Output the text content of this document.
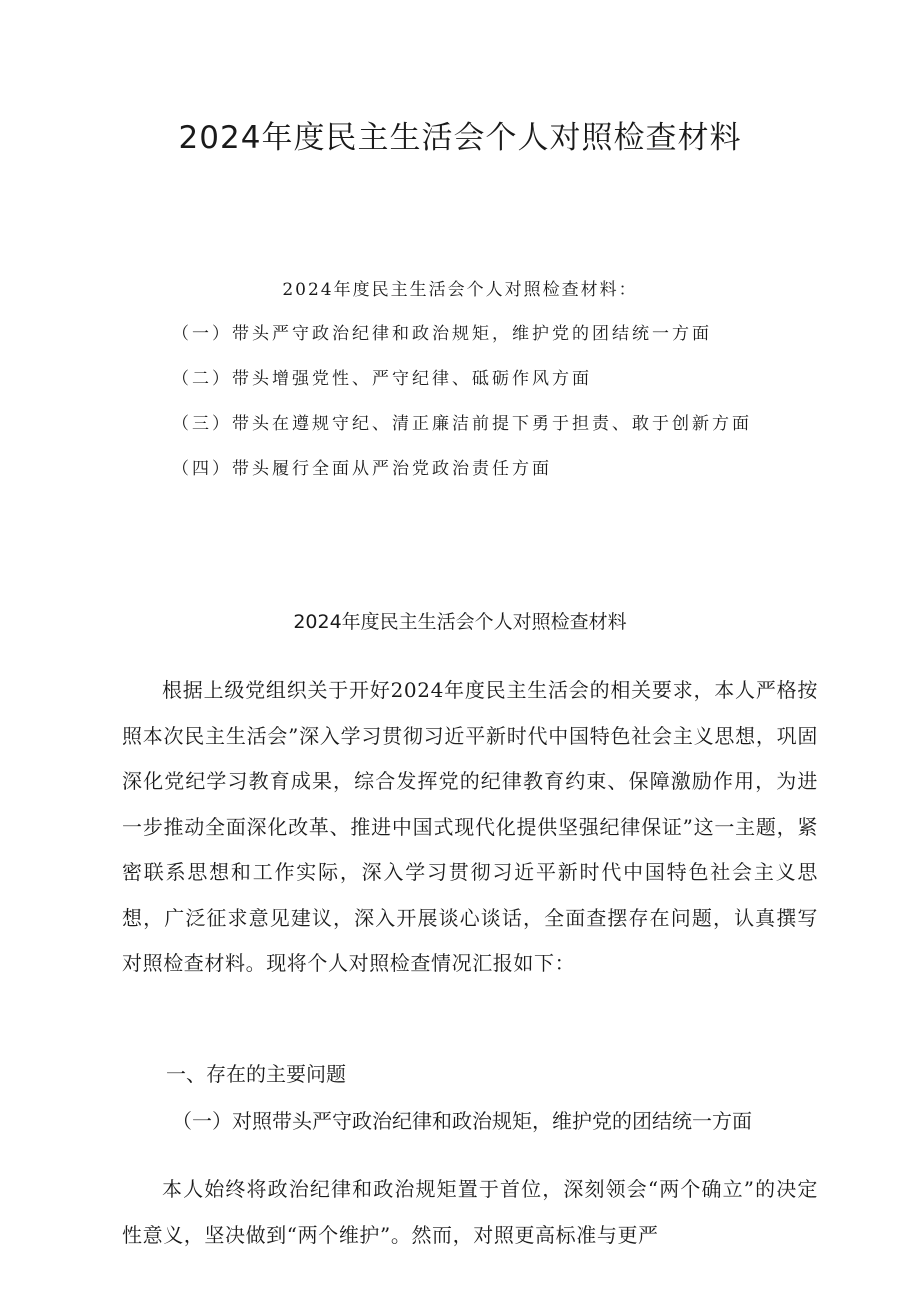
2024年度民主生活会个人对照检查材料
2024年度民主生活会个人对照检查材料：
（一）带头严守政治纪律和政治规矩，维护党的团结统一方面
（二）带头增强党性、严守纪律、砥砺作风方面
（三）带头在遵规守纪、清正廉洁前提下勇于担责、敢于创新方面
（四）带头履行全面从严治党政治责任方面
2024年度民主生活会个人对照检查材料

根据上级党组织关于开好2024年度民主生活会的相关要求，本人严格按照本次民主生活会”深入学习贯彻习近平新时代中国特色社会主义思想，巩固深化党纪学习教育成果，综合发挥党的纪律教育约束、保障激励作用，为进一步推动全面深化改革、推进中国式现代化提供坚强纪律保证”这一主题，紧密联系思想和工作实际，深入学习贯彻习近平新时代中国特色社会主义思想，广泛征求意见建议，深入开展谈心谈话，全面查摆存在问题，认真撰写对照检查材料。现将个人对照检查情况汇报如下：

一、存在的主要问题
（一）对照带头严守政治纪律和政治规矩，维护党的团结统一方面

本人始终将政治纪律和政治规矩置于首位，深刻领会“两个确立”的决定性意义，坚决做到“两个维护”。然而，对照更高标准与更严
